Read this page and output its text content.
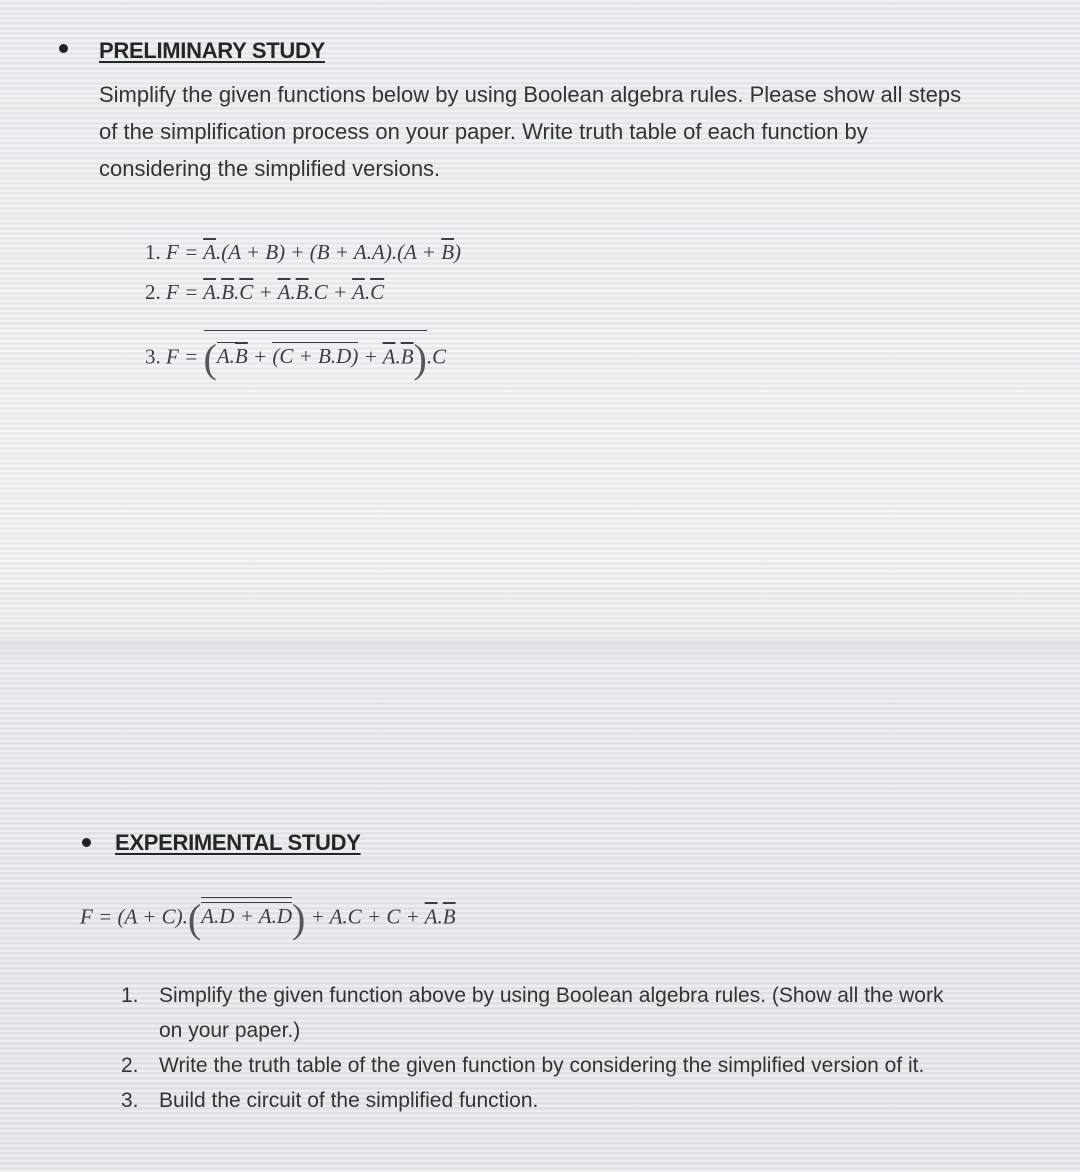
PRELIMINARY STUDY
Simplify the given functions below by using Boolean algebra rules. Please show all steps
of the simplification process on your paper. Write truth table of each function by
considering the simplified versions.
1. $F = \overline{A}.(A + B) + (B + A.A).(A + \overline{B})$
2. $F = \overline{A}.\overline{B}.\overline{C} + \overline{A}.\overline{B}.C + \overline{A}.\overline{C}$
3. $F = (A.\overline{B} + (C + B.D) + \overline{A}.\overline{B}).C$
EXPERIMENTAL STUDY
$F = (A + C).(A.D + A.D) + A.C + C + \overline{A}.\overline{B}$
1. Simplify the given function above by using Boolean algebra rules. (Show all the work
on your paper.)
2. Write the truth table of the given function by considering the simplified version of it.
3. Build the circuit of the simplified function.
